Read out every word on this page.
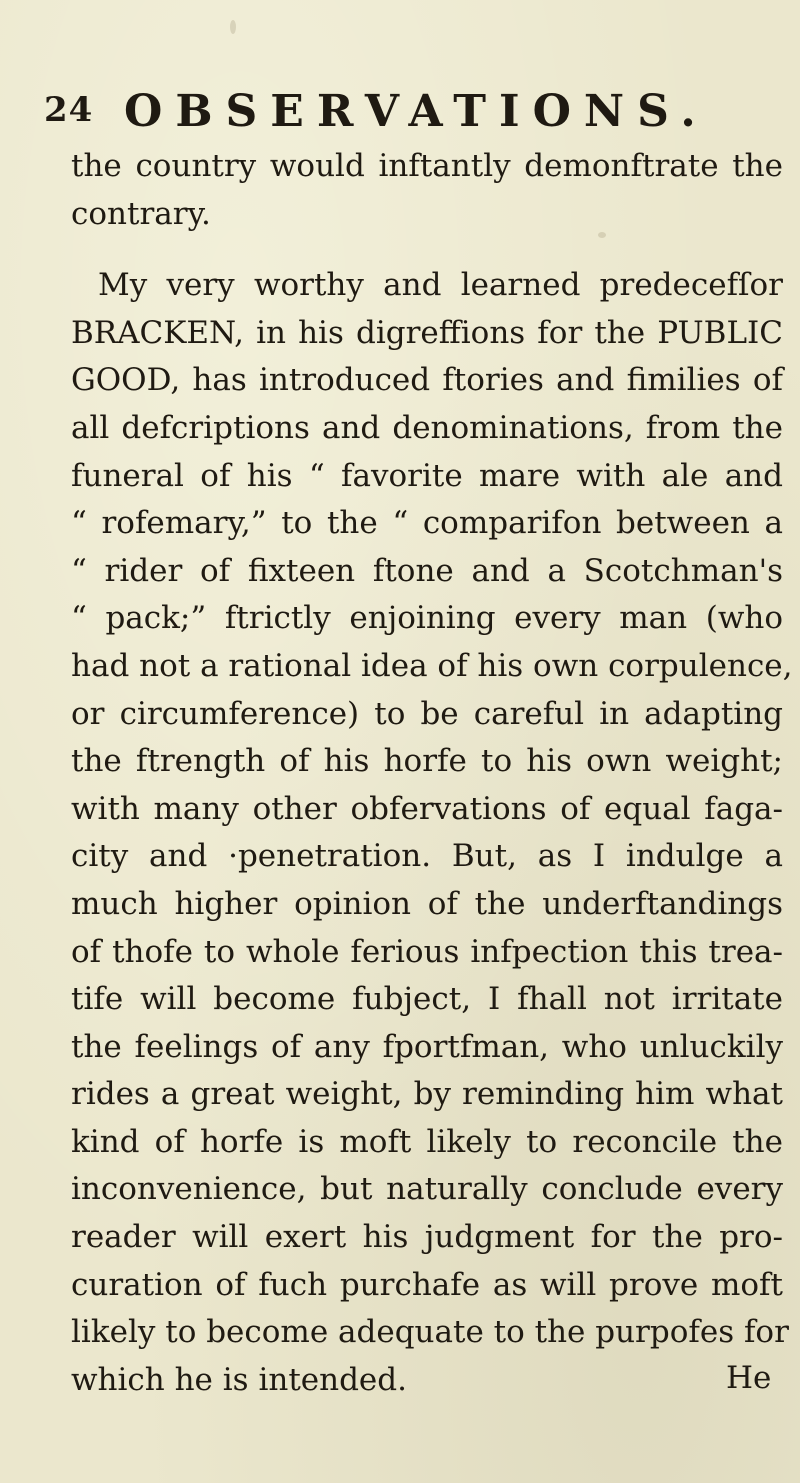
24 OBSERVATIONS.
the country would inftantly demonftrate the
contrary.
My very worthy and learned predecefſor
BRACKEN, in his digreffions for the PUBLIC
GOOD, has introduced ftories and fimilies of
all defcriptions and denominations, from the
funeral of his “ favorite mare with ale and
“ rofemary,” to the “ comparifon between a
“ rider of fixteen ftone and a Scotchman's
“ pack;” ftrictly enjoining every man (who
had not a rational idea of his own corpulence,
or circumference) to be careful in adapting
the ftrength of his horfe to his own weight;
with many other obfervations of equal faga-
city and ·penetration. But, as I indulge a
much higher opinion of the underftandings
of thofe to whole ferious infpection this trea-
tife will become fubject, I fhall not irritate
the feelings of any fportfman, who unluckily
rides a great weight, by reminding him what
kind of horfe is moft likely to reconcile the
inconvenience, but naturally conclude every
reader will exert his judgment for the pro-
curation of fuch purchafe as will prove moft
likely to become adequate to the purpofes for
which he is intended.	He
